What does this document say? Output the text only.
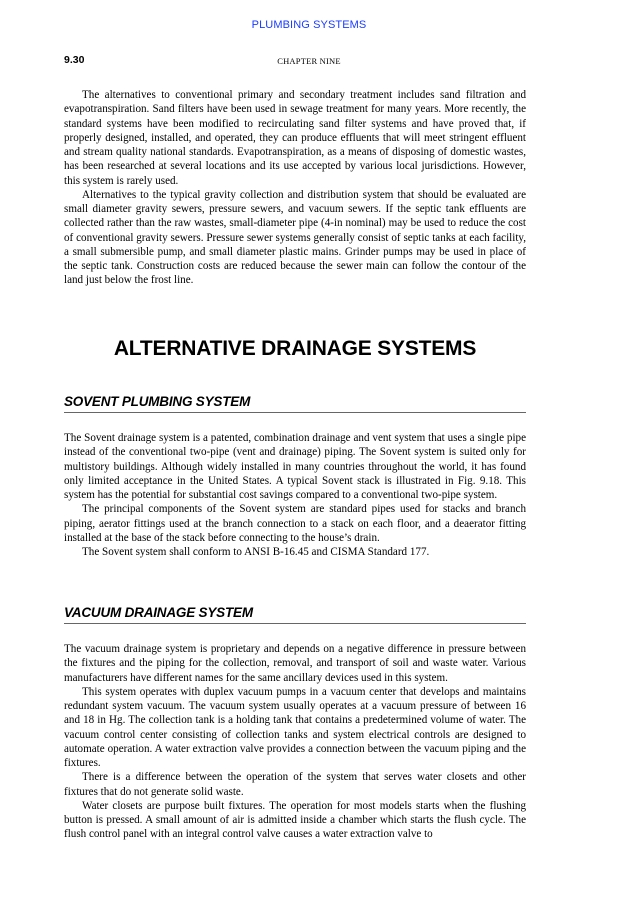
PLUMBING SYSTEMS
9.30	CHAPTER NINE

The alternatives to conventional primary and secondary treatment includes sand filtration and evapotranspiration. Sand filters have been used in sewage treatment for many years. More recently, the standard systems have been modified to recirculating sand filter systems and have proved that, if properly designed, installed, and operated, they can produce effluents that will meet stringent effluent and stream quality national standards. Evapotranspiration, as a means of disposing of domestic wastes, has been researched at several locations and its use accepted by various local jurisdictions. However, this system is rarely used.

Alternatives to the typical gravity collection and distribution system that should be evaluated are small diameter gravity sewers, pressure sewers, and vacuum sewers. If the septic tank effluents are collected rather than the raw wastes, small-diameter pipe (4-in nominal) may be used to reduce the cost of conventional gravity sewers. Pressure sewer systems generally consist of septic tanks at each facility, a small submersible pump, and small diameter plastic mains. Grinder pumps may be used in place of the septic tank. Construction costs are reduced because the sewer main can follow the contour of the land just below the frost line.

ALTERNATIVE DRAINAGE SYSTEMS
SOVENT PLUMBING SYSTEM

The Sovent drainage system is a patented, combination drainage and vent system that uses a single pipe instead of the conventional two-pipe (vent and drainage) piping. The Sovent system is suited only for multistory buildings. Although widely installed in many countries throughout the world, it has found only limited acceptance in the United States. A typical Sovent stack is illustrated in Fig. 9.18. This system has the potential for substantial cost savings compared to a conventional two-pipe system.

The principal components of the Sovent system are standard pipes used for stacks and branch piping, aerator fittings used at the branch connection to a stack on each floor, and a deaerator fitting installed at the base of the stack before connecting to the house’s drain.

The Sovent system shall conform to ANSI B-16.45 and CISMA Standard 177.

VACUUM DRAINAGE SYSTEM

The vacuum drainage system is proprietary and depends on a negative difference in pressure between the fixtures and the piping for the collection, removal, and transport of soil and waste water. Various manufacturers have different names for the same ancillary devices used in this system.

This system operates with duplex vacuum pumps in a vacuum center that develops and maintains redundant system vacuum. The vacuum system usually operates at a vacuum pressure of between 16 and 18 in Hg. The collection tank is a holding tank that contains a predetermined volume of water. The vacuum control center consisting of collection tanks and system electrical controls are designed to automate operation. A water extraction valve provides a connection between the vacuum piping and the fixtures.

There is a difference between the operation of the system that serves water closets and other fixtures that do not generate solid waste.

Water closets are purpose built fixtures. The operation for most models starts when the flushing button is pressed. A small amount of air is admitted inside a chamber which starts the flush cycle. The flush control panel with an integral control valve causes a water extraction valve to
